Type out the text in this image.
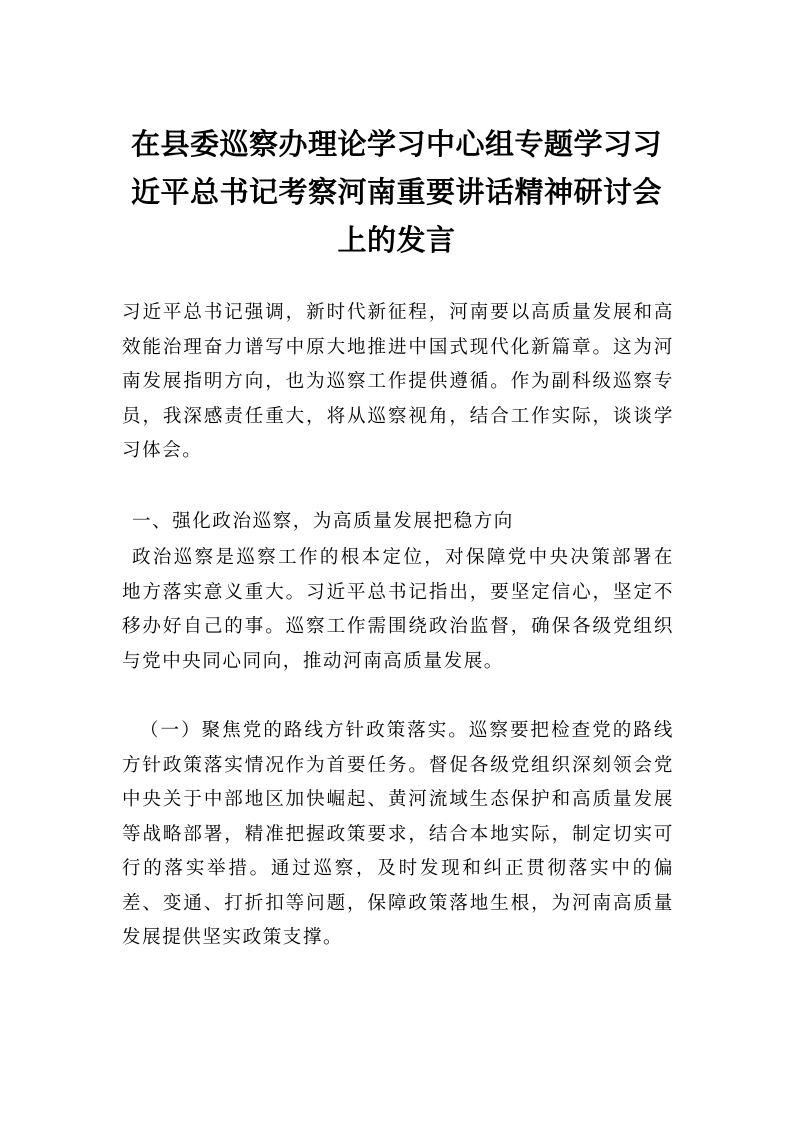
在县委巡察办理论学习中心组专题学习习近平总书记考察河南重要讲话精神研讨会上的发言

习近平总书记强调，新时代新征程，河南要以高质量发展和高效能治理奋力谱写中原大地推进中国式现代化新篇章。这为河南发展指明方向，也为巡察工作提供遵循。作为副科级巡察专员，我深感责任重大，将从巡察视角，结合工作实际，谈谈学习体会。

一、强化政治巡察，为高质量发展把稳方向

政治巡察是巡察工作的根本定位，对保障党中央决策部署在地方落实意义重大。习近平总书记指出，要坚定信心，坚定不移办好自己的事。巡察工作需围绕政治监督，确保各级党组织与党中央同心同向，推动河南高质量发展。

（一）聚焦党的路线方针政策落实。巡察要把检查党的路线方针政策落实情况作为首要任务。督促各级党组织深刻领会党中央关于中部地区加快崛起、黄河流域生态保护和高质量发展等战略部署，精准把握政策要求，结合本地实际，制定切实可行的落实举措。通过巡察，及时发现和纠正贯彻落实中的偏差、变通、打折扣等问题，保障政策落地生根，为河南高质量发展提供坚实政策支撑。
